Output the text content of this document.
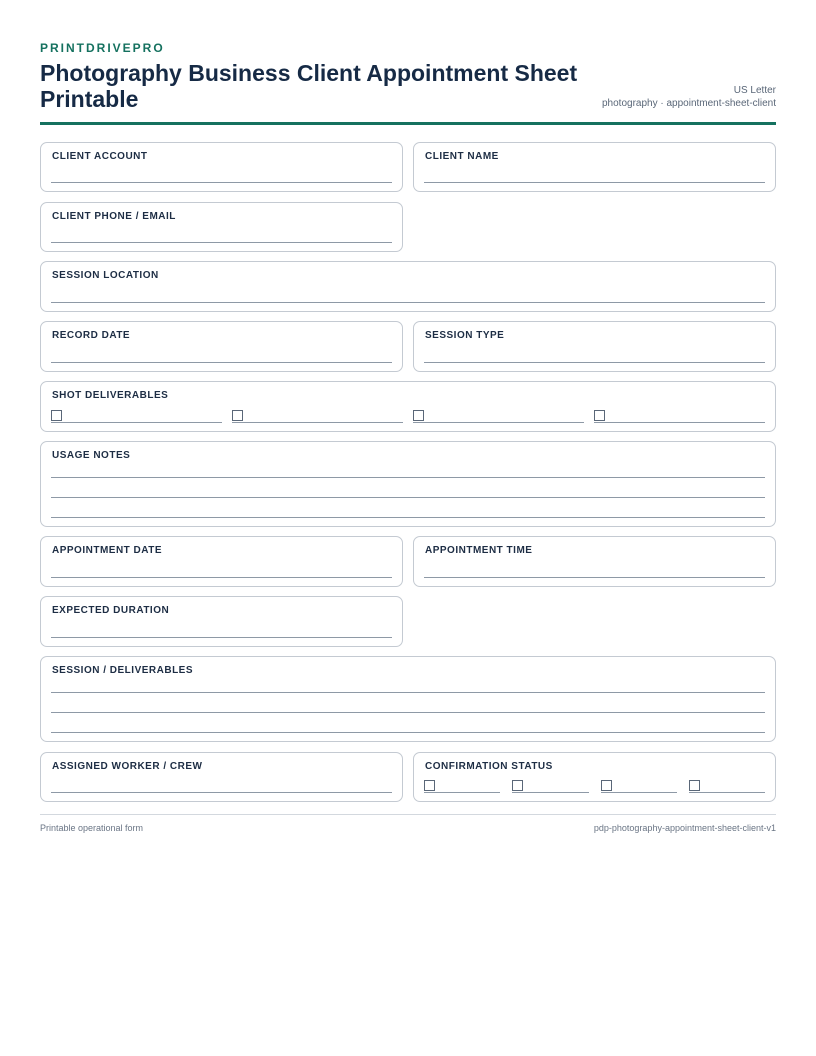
PRINTDRIVEPRO
Photography Business Client Appointment Sheet Printable	US Letter
photography · appointment-sheet-client
CLIENT ACCOUNT	CLIENT NAME
CLIENT PHONE / EMAIL
SESSION LOCATION
RECORD DATE	SESSION TYPE
SHOT DELIVERABLES
USAGE NOTES
APPOINTMENT DATE	APPOINTMENT TIME
EXPECTED DURATION
SESSION / DELIVERABLES
ASSIGNED WORKER / CREW	CONFIRMATION STATUS
Printable operational form	pdp-photography-appointment-sheet-client-v1
